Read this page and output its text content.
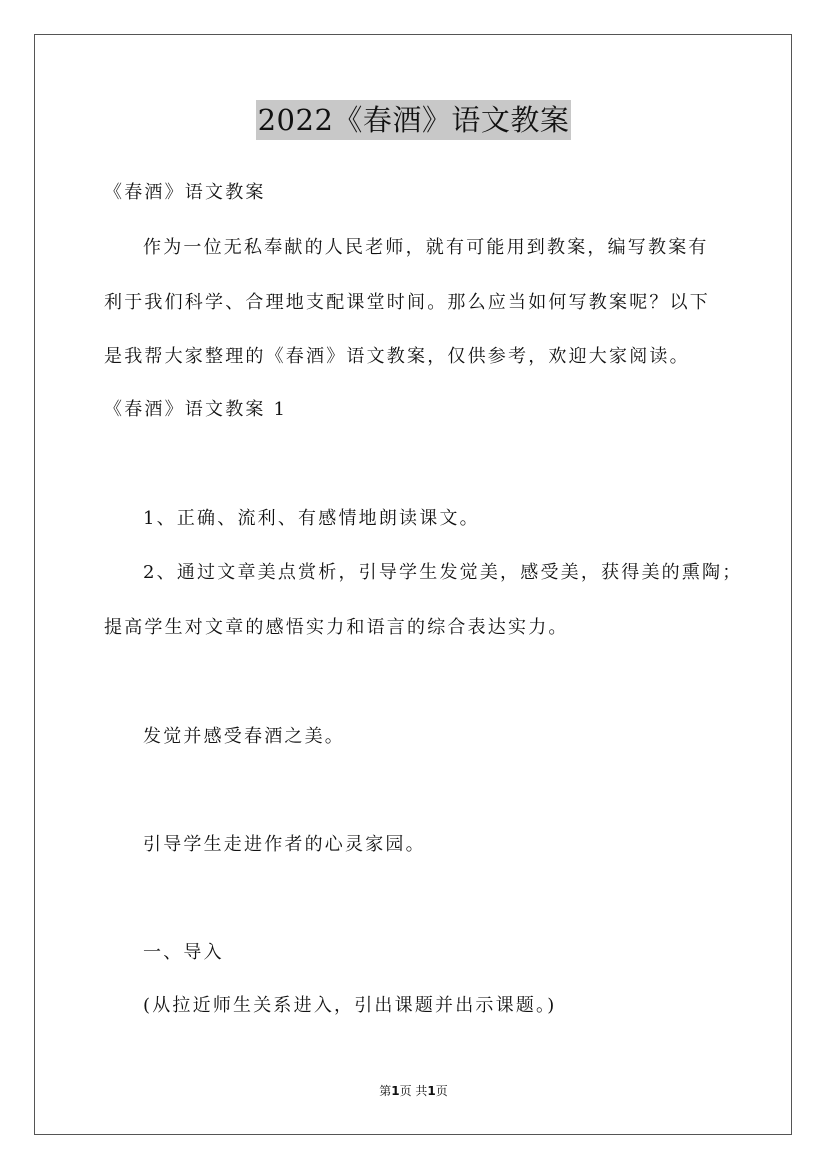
2022《春酒》语文教案
《春酒》语文教案
作为一位无私奉献的人民老师，就有可能用到教案，编写教案有
利于我们科学、合理地支配课堂时间。那么应当如何写教案呢？以下
是我帮大家整理的《春酒》语文教案，仅供参考，欢迎大家阅读。
《春酒》语文教案 1
1、正确、流利、有感情地朗读课文。
2、通过文章美点赏析，引导学生发觉美，感受美，获得美的熏陶；
提高学生对文章的感悟实力和语言的综合表达实力。
发觉并感受春酒之美。
引导学生走进作者的心灵家园。
一、导入
(从拉近师生关系进入，引出课题并出示课题。)
第1页 共1页
